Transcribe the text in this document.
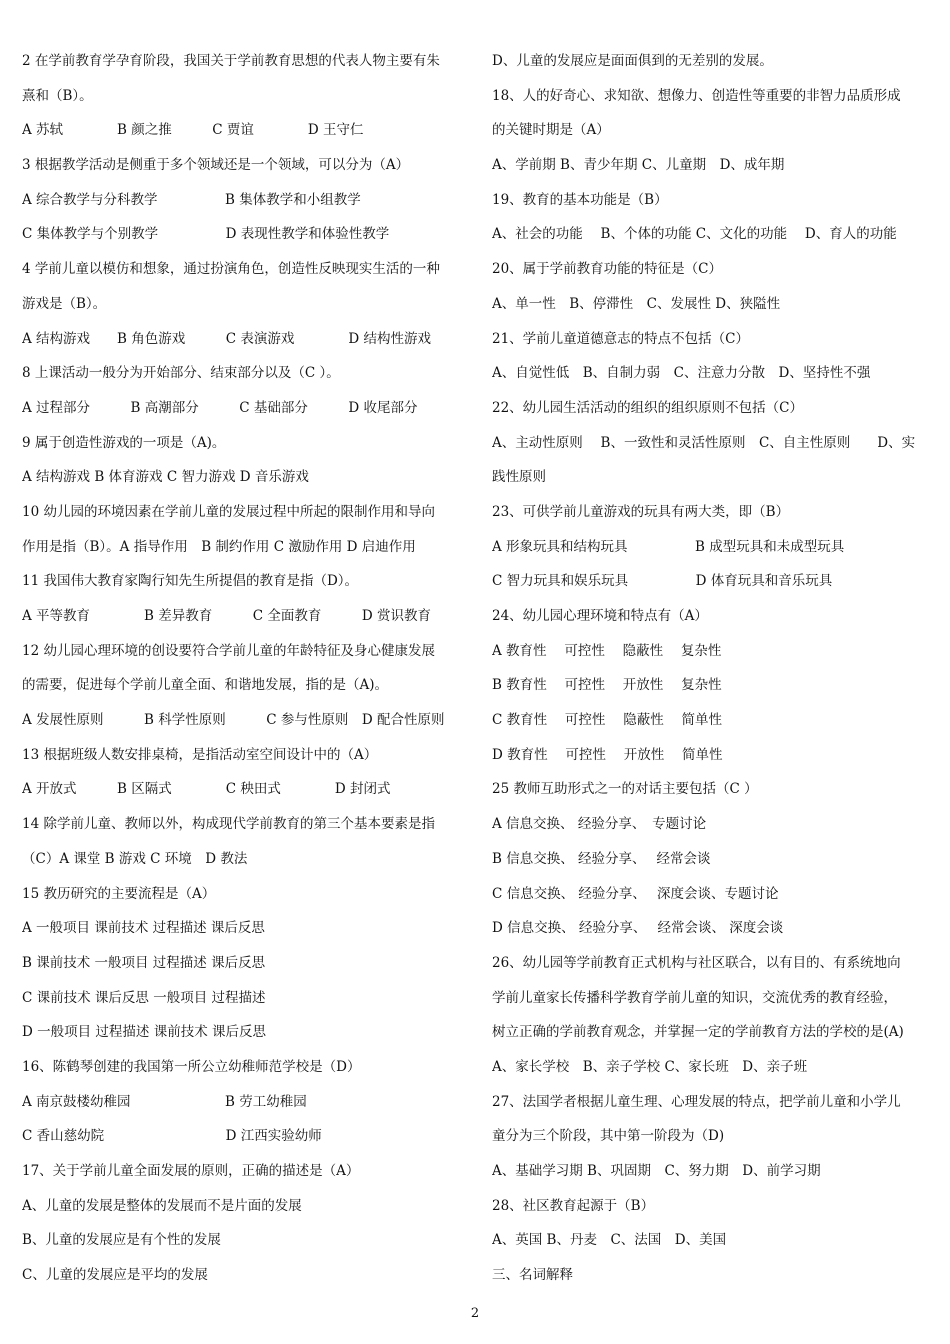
2 在学前教育学孕育阶段，我国关于学前教育思想的代表人物主要有朱
熹和（B）。
A 苏轼　　　　B 颜之推　　　C 贾谊　　　　D 王守仁
3 根据教学活动是侧重于多个领域还是一个领域，可以分为（A）
A 综合教学与分科教学　　　　　B 集体教学和小组教学
C 集体教学与个别教学　　　　　D 表现性教学和体验性教学
4 学前儿童以模仿和想象，通过扮演角色，创造性反映现实生活的一种
游戏是（B）。
A 结构游戏　　B 角色游戏　　　C 表演游戏　　　　D 结构性游戏
8 上课活动一般分为开始部分、结束部分以及（C ）。
A 过程部分　　　B 高潮部分　　　C 基础部分　　　D 收尾部分
9 属于创造性游戏的一项是（A)。
A 结构游戏 B 体育游戏 C 智力游戏 D 音乐游戏
10 幼儿园的环境因素在学前儿童的发展过程中所起的限制作用和导向
作用是指（B）。A 指导作用　B 制约作用 C 激励作用 D 启迪作用
11 我国伟大教育家陶行知先生所提倡的教育是指（D）。
A 平等教育　　　　B 差异教育　　　C 全面教育　　　D 赏识教育
12 幼儿园心理环境的创设要符合学前儿童的年龄特征及身心健康发展
的需要，促进每个学前儿童全面、和谐地发展，指的是（A)。
A 发展性原则　　　B 科学性原则　　　C 参与性原则　D 配合性原则
13 根据班级人数安排桌椅，是指活动室空间设计中的（A）
A 开放式　　　B 区隔式　　　　C 秧田式　　　　D 封闭式
14 除学前儿童、教师以外，构成现代学前教育的第三个基本要素是指
（C）A 课堂 B 游戏 C 环境　D 教法
15 教历研究的主要流程是（A）
A 一般项目 课前技术 过程描述 课后反思
B 课前技术 一般项目 过程描述 课后反思
C 课前技术 课后反思 一般项目 过程描述
D 一般项目 过程描述 课前技术 课后反思
16、陈鹤琴创建的我国第一所公立幼稚师范学校是（D）
A 南京鼓楼幼稚园　　　　　　　B 劳工幼稚园
C 香山慈幼院　　　　　　　　　D 江西实验幼师
17、关于学前儿童全面发展的原则，正确的描述是（A）
A、儿童的发展是整体的发展而不是片面的发展
B、儿童的发展应是有个性的发展
C、儿童的发展应是平均的发展
D、儿童的发展应是面面俱到的无差别的发展。
18、人的好奇心、求知欲、想像力、创造性等重要的非智力品质形成
的关键时期是（A）
A、学前期 B、青少年期 C、儿童期　D、成年期
19、教育的基本功能是（B）
A、社会的功能　 B、个体的功能 C、文化的功能　 D、育人的功能
20、属于学前教育功能的特征是（C）
A、单一性　B、停滞性　C、发展性 D、狭隘性
21、学前儿童道德意志的特点不包括（C）
A、自觉性低　B、自制力弱　C、注意力分散　D、坚持性不强
22、幼儿园生活活动的组织的组织原则不包括（C）
A、主动性原则　 B、一致性和灵活性原则　C、自主性原则　　D、实
践性原则
23、可供学前儿童游戏的玩具有两大类，即（B）
A 形象玩具和结构玩具　　　　　B 成型玩具和未成型玩具
C 智力玩具和娱乐玩具　　　　　D 体育玩具和音乐玩具
24、幼儿园心理环境和特点有（A）
A 教育性　 可控性　 隐蔽性　 复杂性
B 教育性　 可控性　 开放性　 复杂性
C 教育性　 可控性　 隐蔽性　 简单性
D 教育性　 可控性　 开放性　 简单性
25 教师互助形式之一的对话主要包括（C ）
A 信息交换、 经验分享、　专题讨论
B 信息交换、 经验分享、　 经常会谈
C 信息交换、 经验分享、　 深度会谈、专题讨论
D 信息交换、 经验分享、　 经常会谈、 深度会谈
26、幼儿园等学前教育正式机构与社区联合，以有目的、有系统地向
学前儿童家长传播科学教育学前儿童的知识，交流优秀的教育经验，
树立正确的学前教育观念，并掌握一定的学前教育方法的学校的是(A)
A、家长学校　B、亲子学校 C、家长班　D、亲子班
27、法国学者根据儿童生理、心理发展的特点，把学前儿童和小学儿
童分为三个阶段，其中第一阶段为（D)
A、基础学习期 B、巩固期　C、努力期　D、前学习期
28、社区教育起源于（B）
A、英国 B、丹麦　C、法国　D、美国
三、名词解释
2
